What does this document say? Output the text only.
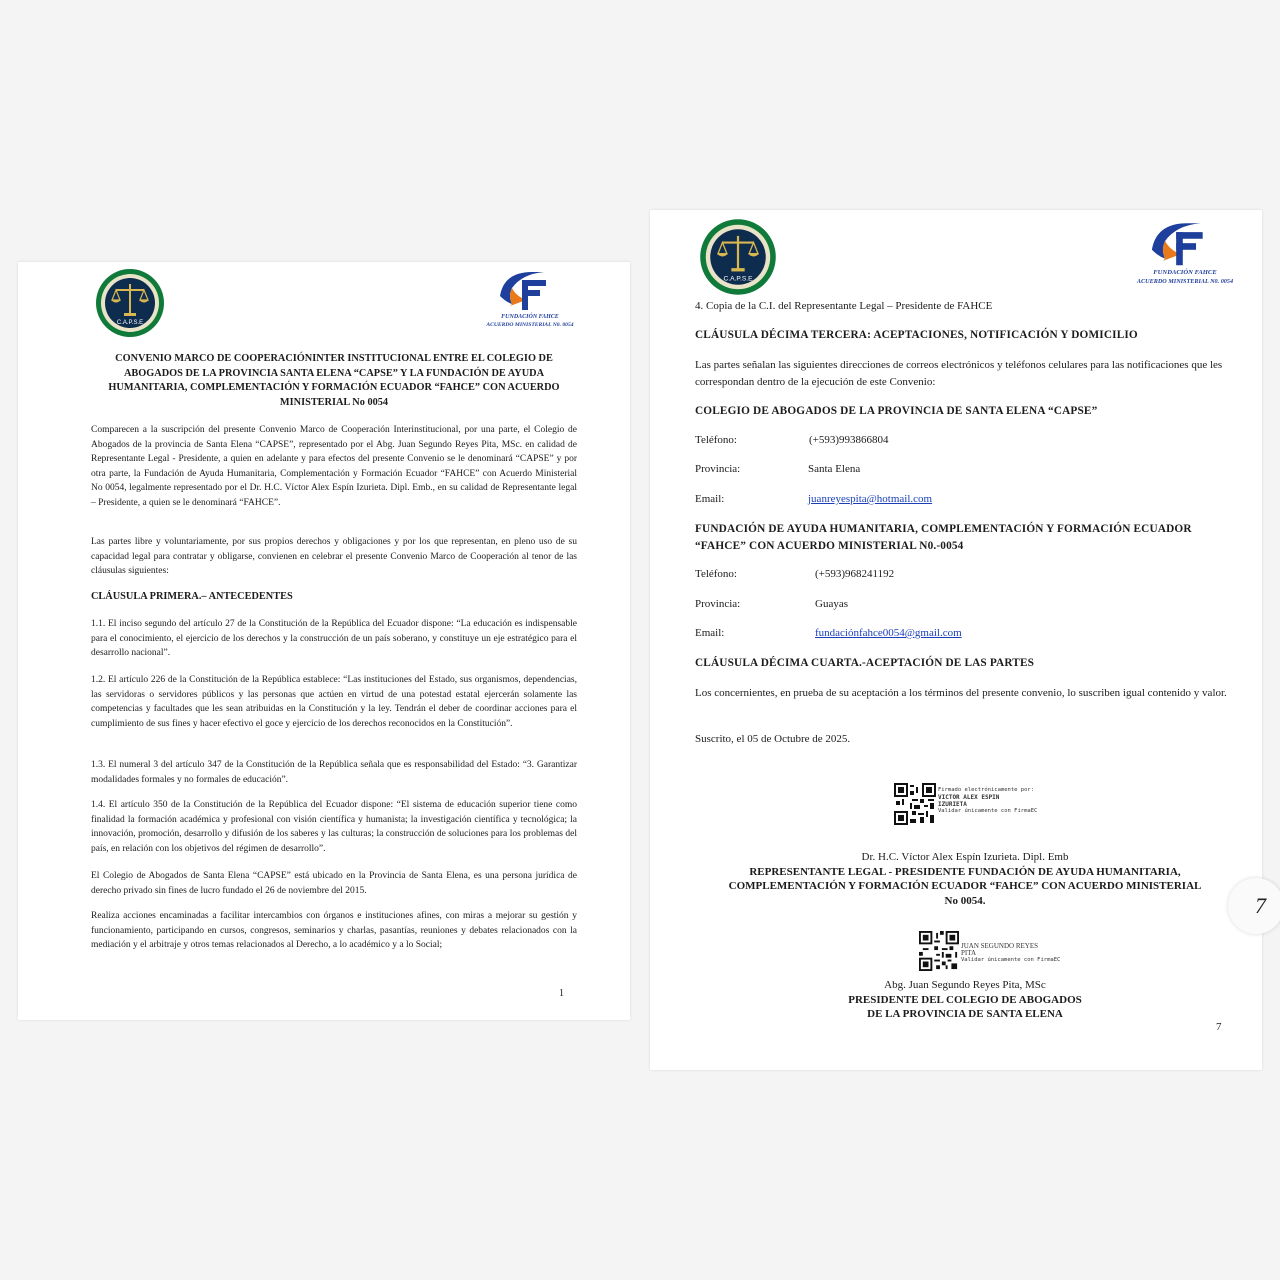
C.A.P.S.E
FUNDACIÓN FAHCE
ACUERDO MINISTERIAL N0. 0054

CONVENIO MARCO DE COOPERACIÓNINTER INSTITUCIONAL ENTRE EL COLEGIO DE ABOGADOS DE LA PROVINCIA SANTA ELENA “CAPSE” Y LA FUNDACIÓN DE AYUDA HUMANITARIA, COMPLEMENTACIÓN Y FORMACIÓN ECUADOR “FAHCE” CON ACUERDO MINISTERIAL No 0054

Comparecen a la suscripción del presente Convenio Marco de Cooperación Interinstitucional, por una parte, el Colegio de Abogados de la provincia de Santa Elena “CAPSE”, representado por el Abg. Juan Segundo Reyes Pita, MSc. en calidad de Representante Legal - Presidente, a quien en adelante y para efectos del presente Convenio se le denominará “CAPSE” y por otra parte, la Fundación de Ayuda Humanitaria, Complementación y Formación Ecuador “FAHCE” con Acuerdo Ministerial No 0054, legalmente representado por el Dr. H.C. Víctor Alex Espín Izurieta. Dipl. Emb., en su calidad de Representante legal – Presidente, a quien se le denominará “FAHCE”.

Las partes libre y voluntariamente, por sus propios derechos y obligaciones y por los que representan, en pleno uso de su capacidad legal para contratar y obligarse, convienen en celebrar el presente Convenio Marco de Cooperación al tenor de las cláusulas siguientes:

CLÁUSULA PRIMERA.– ANTECEDENTES

1.1. El inciso segundo del artículo 27 de la Constitución de la República del Ecuador dispone: “La educación es indispensable para el conocimiento, el ejercicio de los derechos y la construcción de un país soberano, y constituye un eje estratégico para el desarrollo nacional”.

1.2. El artículo 226 de la Constitución de la República establece: “Las instituciones del Estado, sus organismos, dependencias, las servidoras o servidores públicos y las personas que actúen en virtud de una potestad estatal ejercerán solamente las competencias y facultades que les sean atribuidas en la Constitución y la ley. Tendrán el deber de coordinar acciones para el cumplimiento de sus fines y hacer efectivo el goce y ejercicio de los derechos reconocidos en la Constitución”.

1.3. El numeral 3 del artículo 347 de la Constitución de la República señala que es responsabilidad del Estado: “3. Garantizar modalidades formales y no formales de educación”.

1.4. El artículo 350 de la Constitución de la República del Ecuador dispone: “El sistema de educación superior tiene como finalidad la formación académica y profesional con visión científica y humanista; la investigación científica y tecnológica; la innovación, promoción, desarrollo y difusión de los saberes y las culturas; la construcción de soluciones para los problemas del país, en relación con los objetivos del régimen de desarrollo”.

El Colegio de Abogados de Santa Elena “CAPSE” está ubicado en la Provincia de Santa Elena, es una persona jurídica de derecho privado sin fines de lucro fundado el 26 de noviembre del 2015.

Realiza acciones encaminadas a facilitar intercambios con órganos e instituciones afines, con miras a mejorar su gestión y funcionamiento, participando en cursos, congresos, seminarios y charlas, pasantías, reuniones y debates relacionados con la mediación y el arbitraje y otros temas relacionados al Derecho, a lo académico y a lo Social;

1
C.A.P.S.E
FUNDACIÓN FAHCE
ACUERDO MINISTERIAL N0. 0054

4. Copia de la C.I. del Representante Legal – Presidente de FAHCE

CLÁUSULA DÉCIMA TERCERA: ACEPTACIONES, NOTIFICACIÓN Y DOMICILIO

Las partes señalan las siguientes direcciones de correos electrónicos y teléfonos celulares para las notificaciones que les correspondan dentro de la ejecución de este Convenio:

COLEGIO DE ABOGADOS DE LA PROVINCIA DE SANTA ELENA “CAPSE”

Teléfono:	(+593)993866804
Provincia:	Santa Elena
Email:	juanreyespita@hotmail.com

FUNDACIÓN DE AYUDA HUMANITARIA, COMPLEMENTACIÓN Y FORMACIÓN ECUADOR “FAHCE” CON ACUERDO MINISTERIAL N0.-0054

Teléfono:	(+593)968241192
Provincia:	Guayas
Email:	fundaciónfahce0054@gmail.com

CLÁUSULA DÉCIMA CUARTA.-ACEPTACIÓN DE LAS PARTES

Los concernientes, en prueba de su aceptación a los términos del presente convenio, lo suscriben igual contenido y valor.

Suscrito, el 05 de Octubre de 2025.

Firmado electrónicamente por:
VICTOR ALEX ESPIN
IZURIETA
Validar únicamente con FirmaEC
Dr. H.C. Víctor Alex Espín Izurieta. Dipl. Emb
REPRESENTANTE LEGAL - PRESIDENTE FUNDACIÓN DE AYUDA HUMANITARIA,
COMPLEMENTACIÓN Y FORMACIÓN ECUADOR “FAHCE” CON ACUERDO MINISTERIAL
No 0054.
JUAN SEGUNDO REYES
PITA
Validar únicamente con FirmaEC
Abg. Juan Segundo Reyes Pita, MSc
PRESIDENTE DEL COLEGIO DE ABOGADOS
DE LA PROVINCIA DE SANTA ELENA
7
7
